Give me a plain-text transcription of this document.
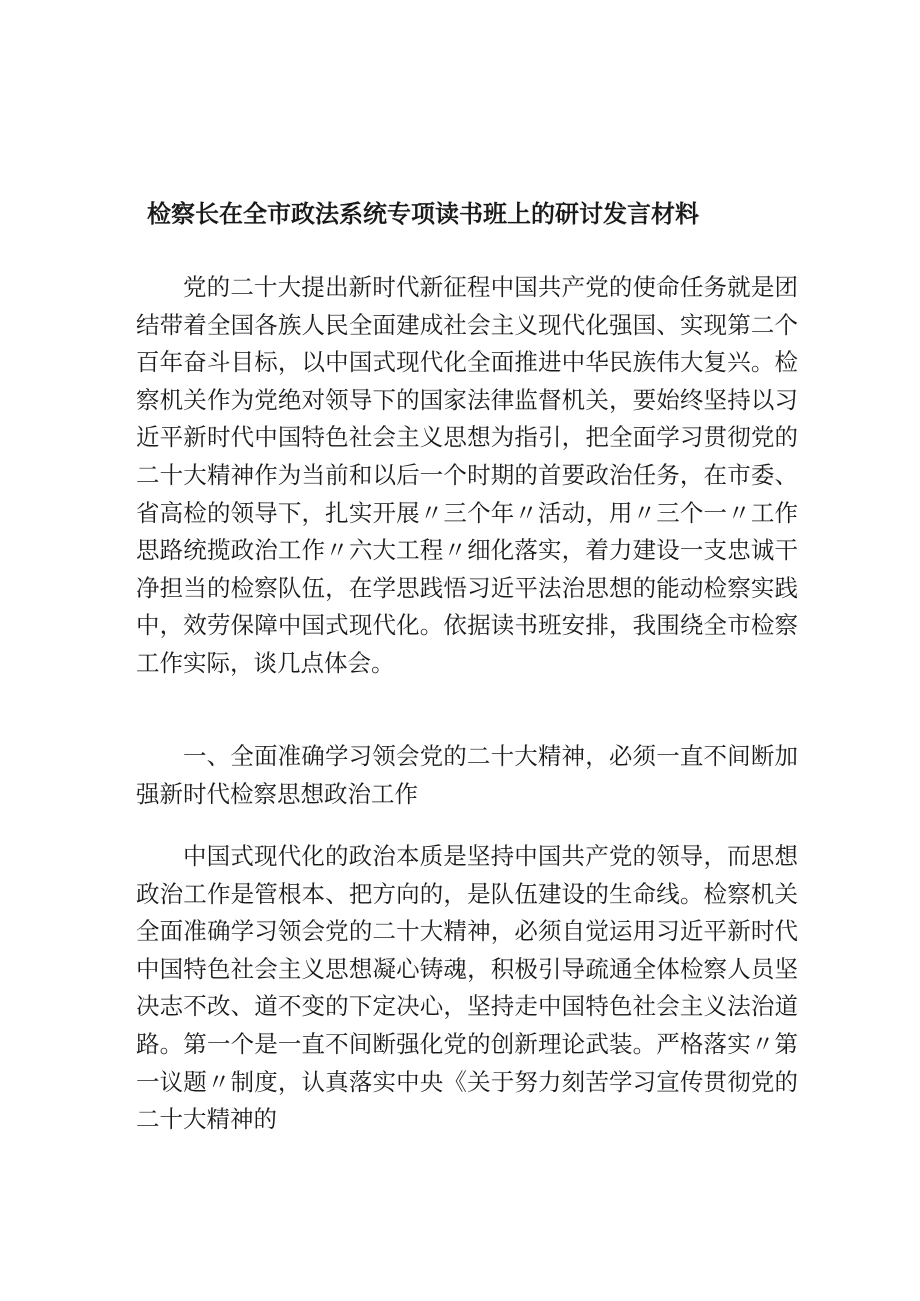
检察长在全市政法系统专项读书班上的研讨发言材料

党的二十大提出新时代新征程中国共产党的使命任务就是团结带着全国各族人民全面建成社会主义现代化强国、实现第二个百年奋斗目标，以中国式现代化全面推进中华民族伟大复兴。检察机关作为党绝对领导下的国家法律监督机关，要始终坚持以习近平新时代中国特色社会主义思想为指引，把全面学习贯彻党的二十大精神作为当前和以后一个时期的首要政治任务，在市委、省高检的领导下，扎实开展〃三个年〃活动，用〃三个一〃工作思路统揽政治工作〃六大工程〃细化落实，着力建设一支忠诚干净担当的检察队伍，在学思践悟习近平法治思想的能动检察实践中，效劳保障中国式现代化。依据读书班安排，我围绕全市检察工作实际，谈几点体会。

一、全面准确学习领会党的二十大精神，必须一直不间断加强新时代检察思想政治工作

中国式现代化的政治本质是坚持中国共产党的领导，而思想政治工作是管根本、把方向的，是队伍建设的生命线。检察机关全面准确学习领会党的二十大精神，必须自觉运用习近平新时代中国特色社会主义思想凝心铸魂，积极引导疏通全体检察人员坚决志不改、道不变的下定决心，坚持走中国特色社会主义法治道路。第一个是一直不间断强化党的创新理论武装。严格落实〃第一议题〃制度，认真落实中央《关于努力刻苦学习宣传贯彻党的二十大精神的
